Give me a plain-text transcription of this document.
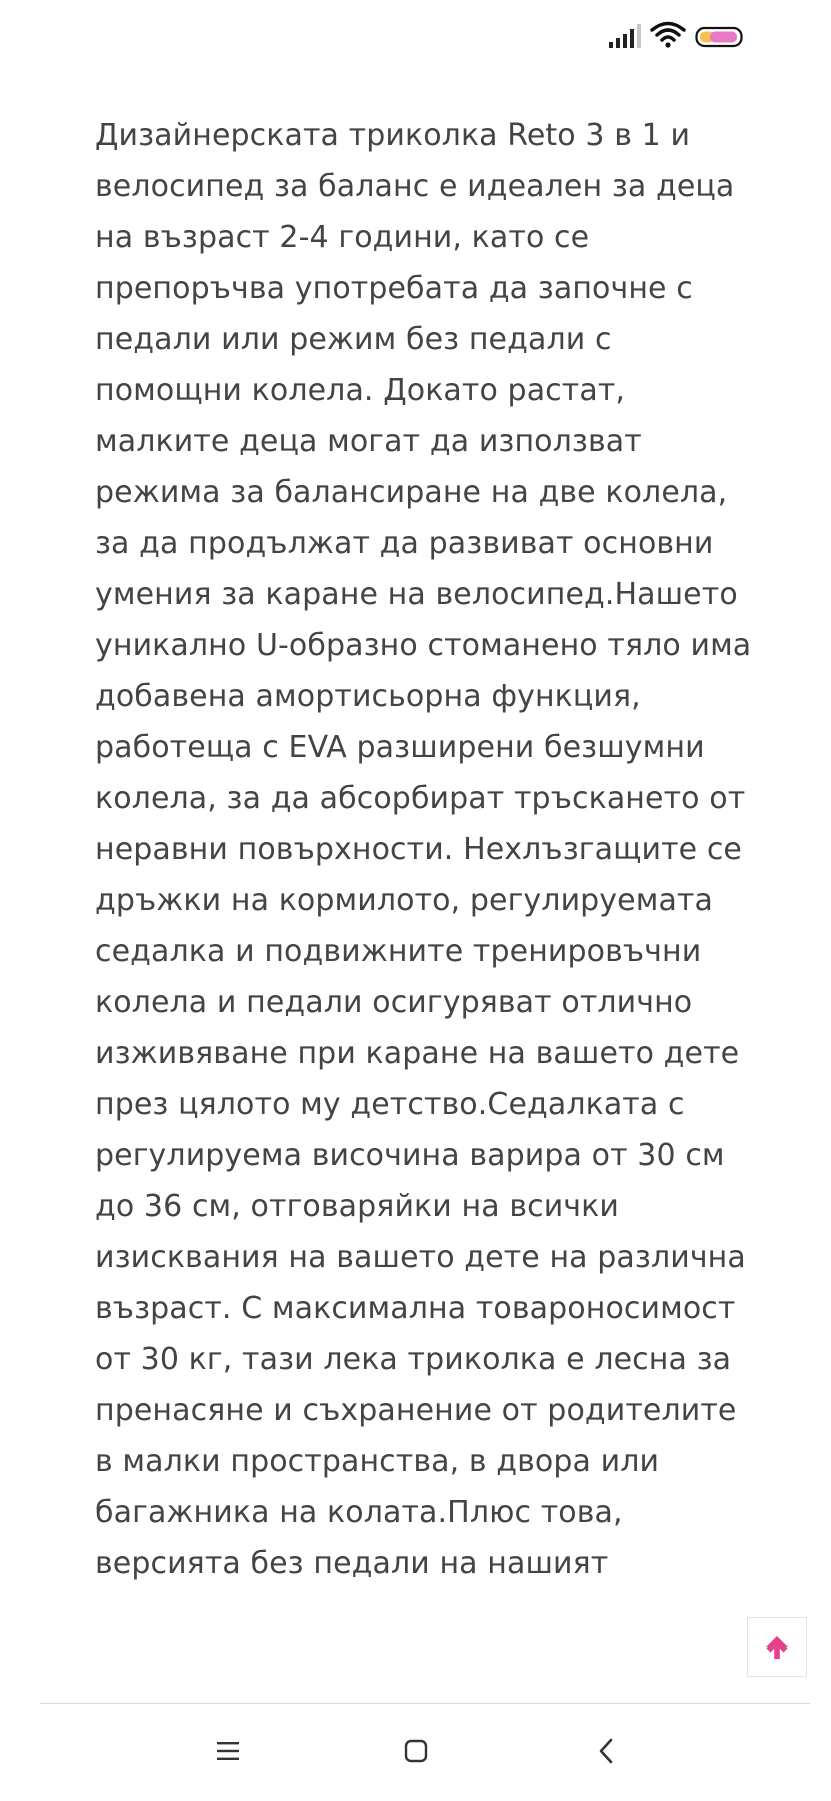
Дизайнерската триколка Reto 3 в 1 и велосипед за баланс е идеален за деца на възраст 2-4 години, като се препоръчва употребата да започне с педали или режим без педали с помощни колела. Докато растат, малките деца могат да използват режима за балансиране на две колела, за да продължат да развиват основни умения за каране на велосипед.Нашето уникално U-образно стоманено тяло има добавена амортисьорна функция, работеща с EVA разширени безшумни колела, за да абсорбират тръскането от неравни повърхности. Нехлъзгащите се дръжки на кормилото, регулируемата седалка и подвижните тренировъчни колела и педали осигуряват отлично изживяване при каране на вашето дете през цялото му детство.Седалката с регулируема височина варира от 30 см до 36 см, отговаряйки на всички изисквания на вашето дете на различна възраст. С максимална товароносимост от 30 кг, тази лека триколка е лесна за пренасяне и съхранение от родителите в малки пространства, в двора или багажника на колата.Плюс това, версията без педали на нашият
